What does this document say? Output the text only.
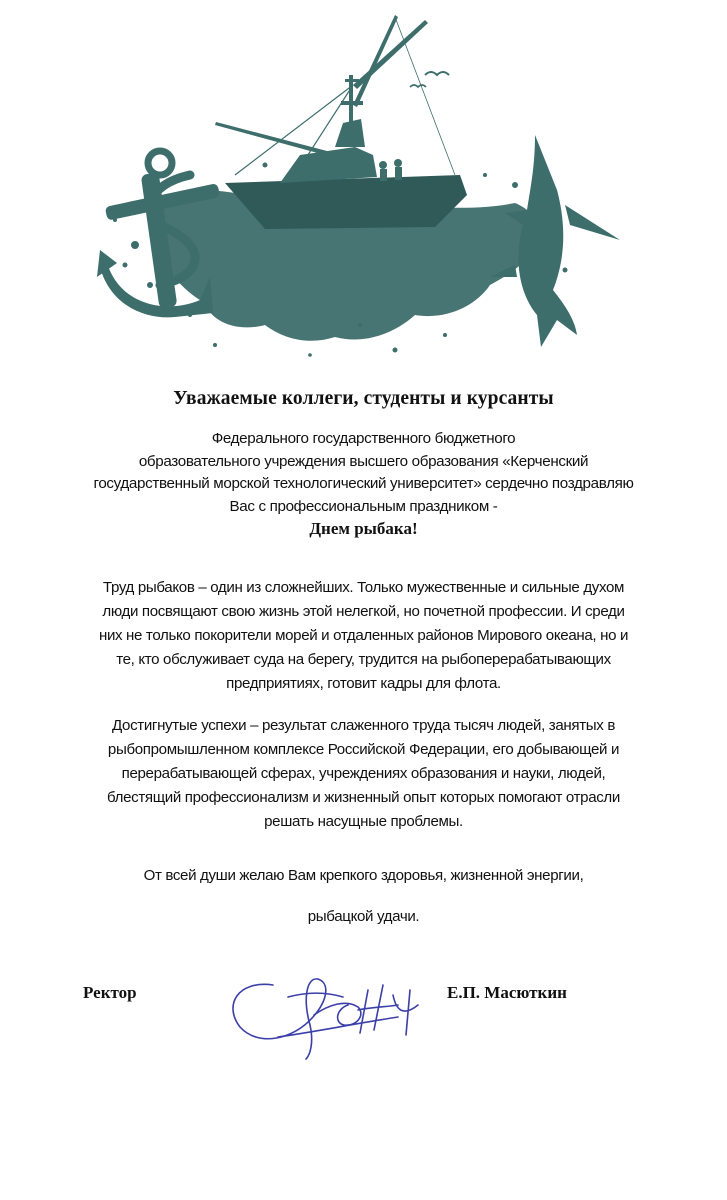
Уважаемые коллеги, студенты и курсанты
Федерального государственного бюджетного
образовательного учреждения высшего образования «Керченский
государственный морской технологический университет» сердечно поздравляю
Вас с профессиональным праздником -
Днем рыбака!
Труд рыбаков – один из сложнейших. Только мужественные и сильные духом
люди посвящают свою жизнь этой нелегкой, но почетной профессии. И среди
них не только покорители морей и отдаленных районов Мирового океана, но и
те, кто обслуживает суда на берегу, трудится на рыбоперерабатывающих
предприятиях, готовит кадры для флота.
Достигнутые успехи – результат слаженного труда тысяч людей, занятых в
рыбопромышленном комплексе Российской Федерации, его добывающей и
перерабатывающей сферах, учреждениях образования и науки, людей,
блестящий профессионализм и жизненный опыт которых помогают отрасли
решать насущные проблемы.
От всей души желаю Вам крепкого здоровья, жизненной энергии,
рыбацкой удачи.
Ректор	Е.П. Масюткин
